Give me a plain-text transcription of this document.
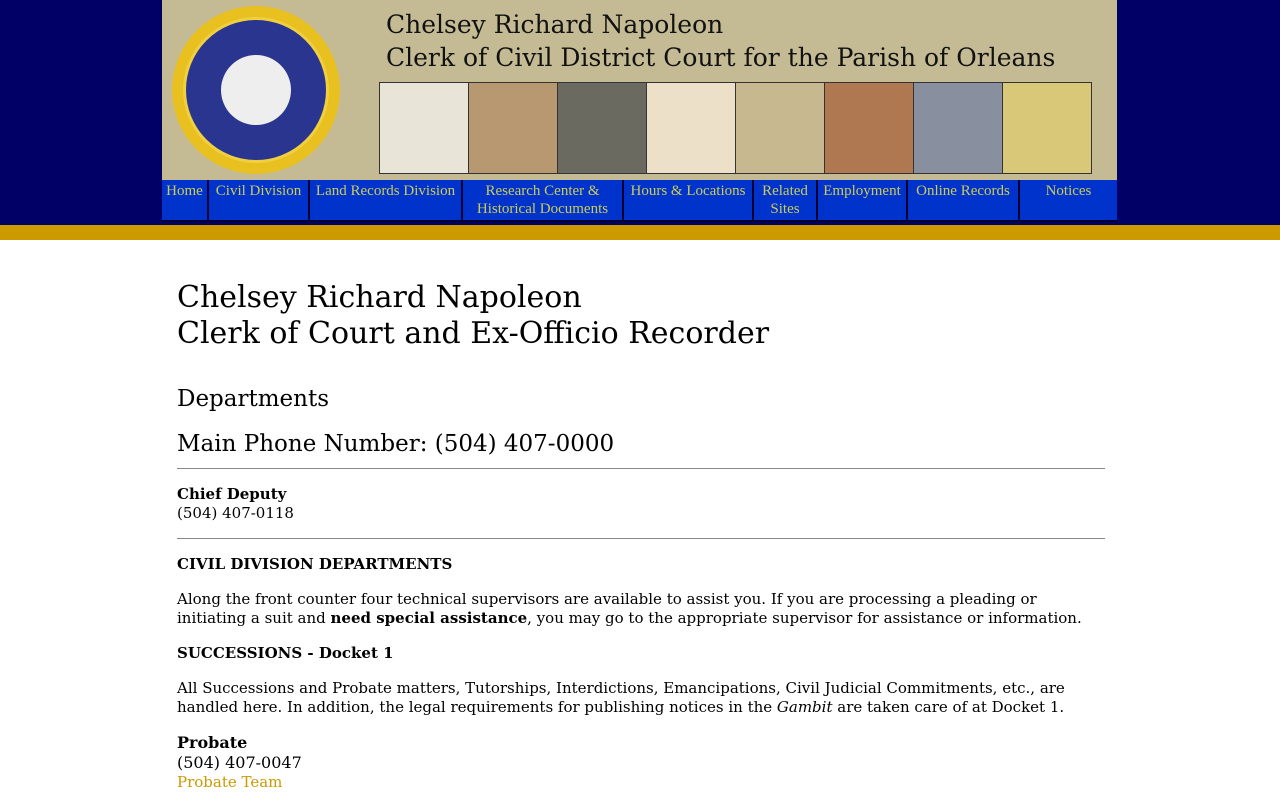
Chelsey Richard Napoleon
Clerk of Civil District Court for the Parish of Orleans
Home Civil Division Land Records Division	Research Center & Historical Documents
Hours & Locations	Related Sites
Employment	Online Records	Notices
Chelsey Richard Napoleon
Clerk of Court and Ex-Officio Recorder
Departments
Main Phone Number: (504) 407-0000

Chief Deputy
(504) 407-0118

CIVIL DIVISION DEPARTMENTS

Along the front counter four technical supervisors are available to assist you. If you are processing a pleading or initiating a suit and need special assistance, you may go to the appropriate supervisor for assistance or information.

SUCCESSIONS - Docket 1

All Successions and Probate matters, Tutorships, Interdictions, Emancipations, Civil Judicial Commitments, etc., are handled here. In addition, the legal requirements for publishing notices in the Gambit are taken care of at Docket 1.

Probate
(504) 407-0047
Probate Team
